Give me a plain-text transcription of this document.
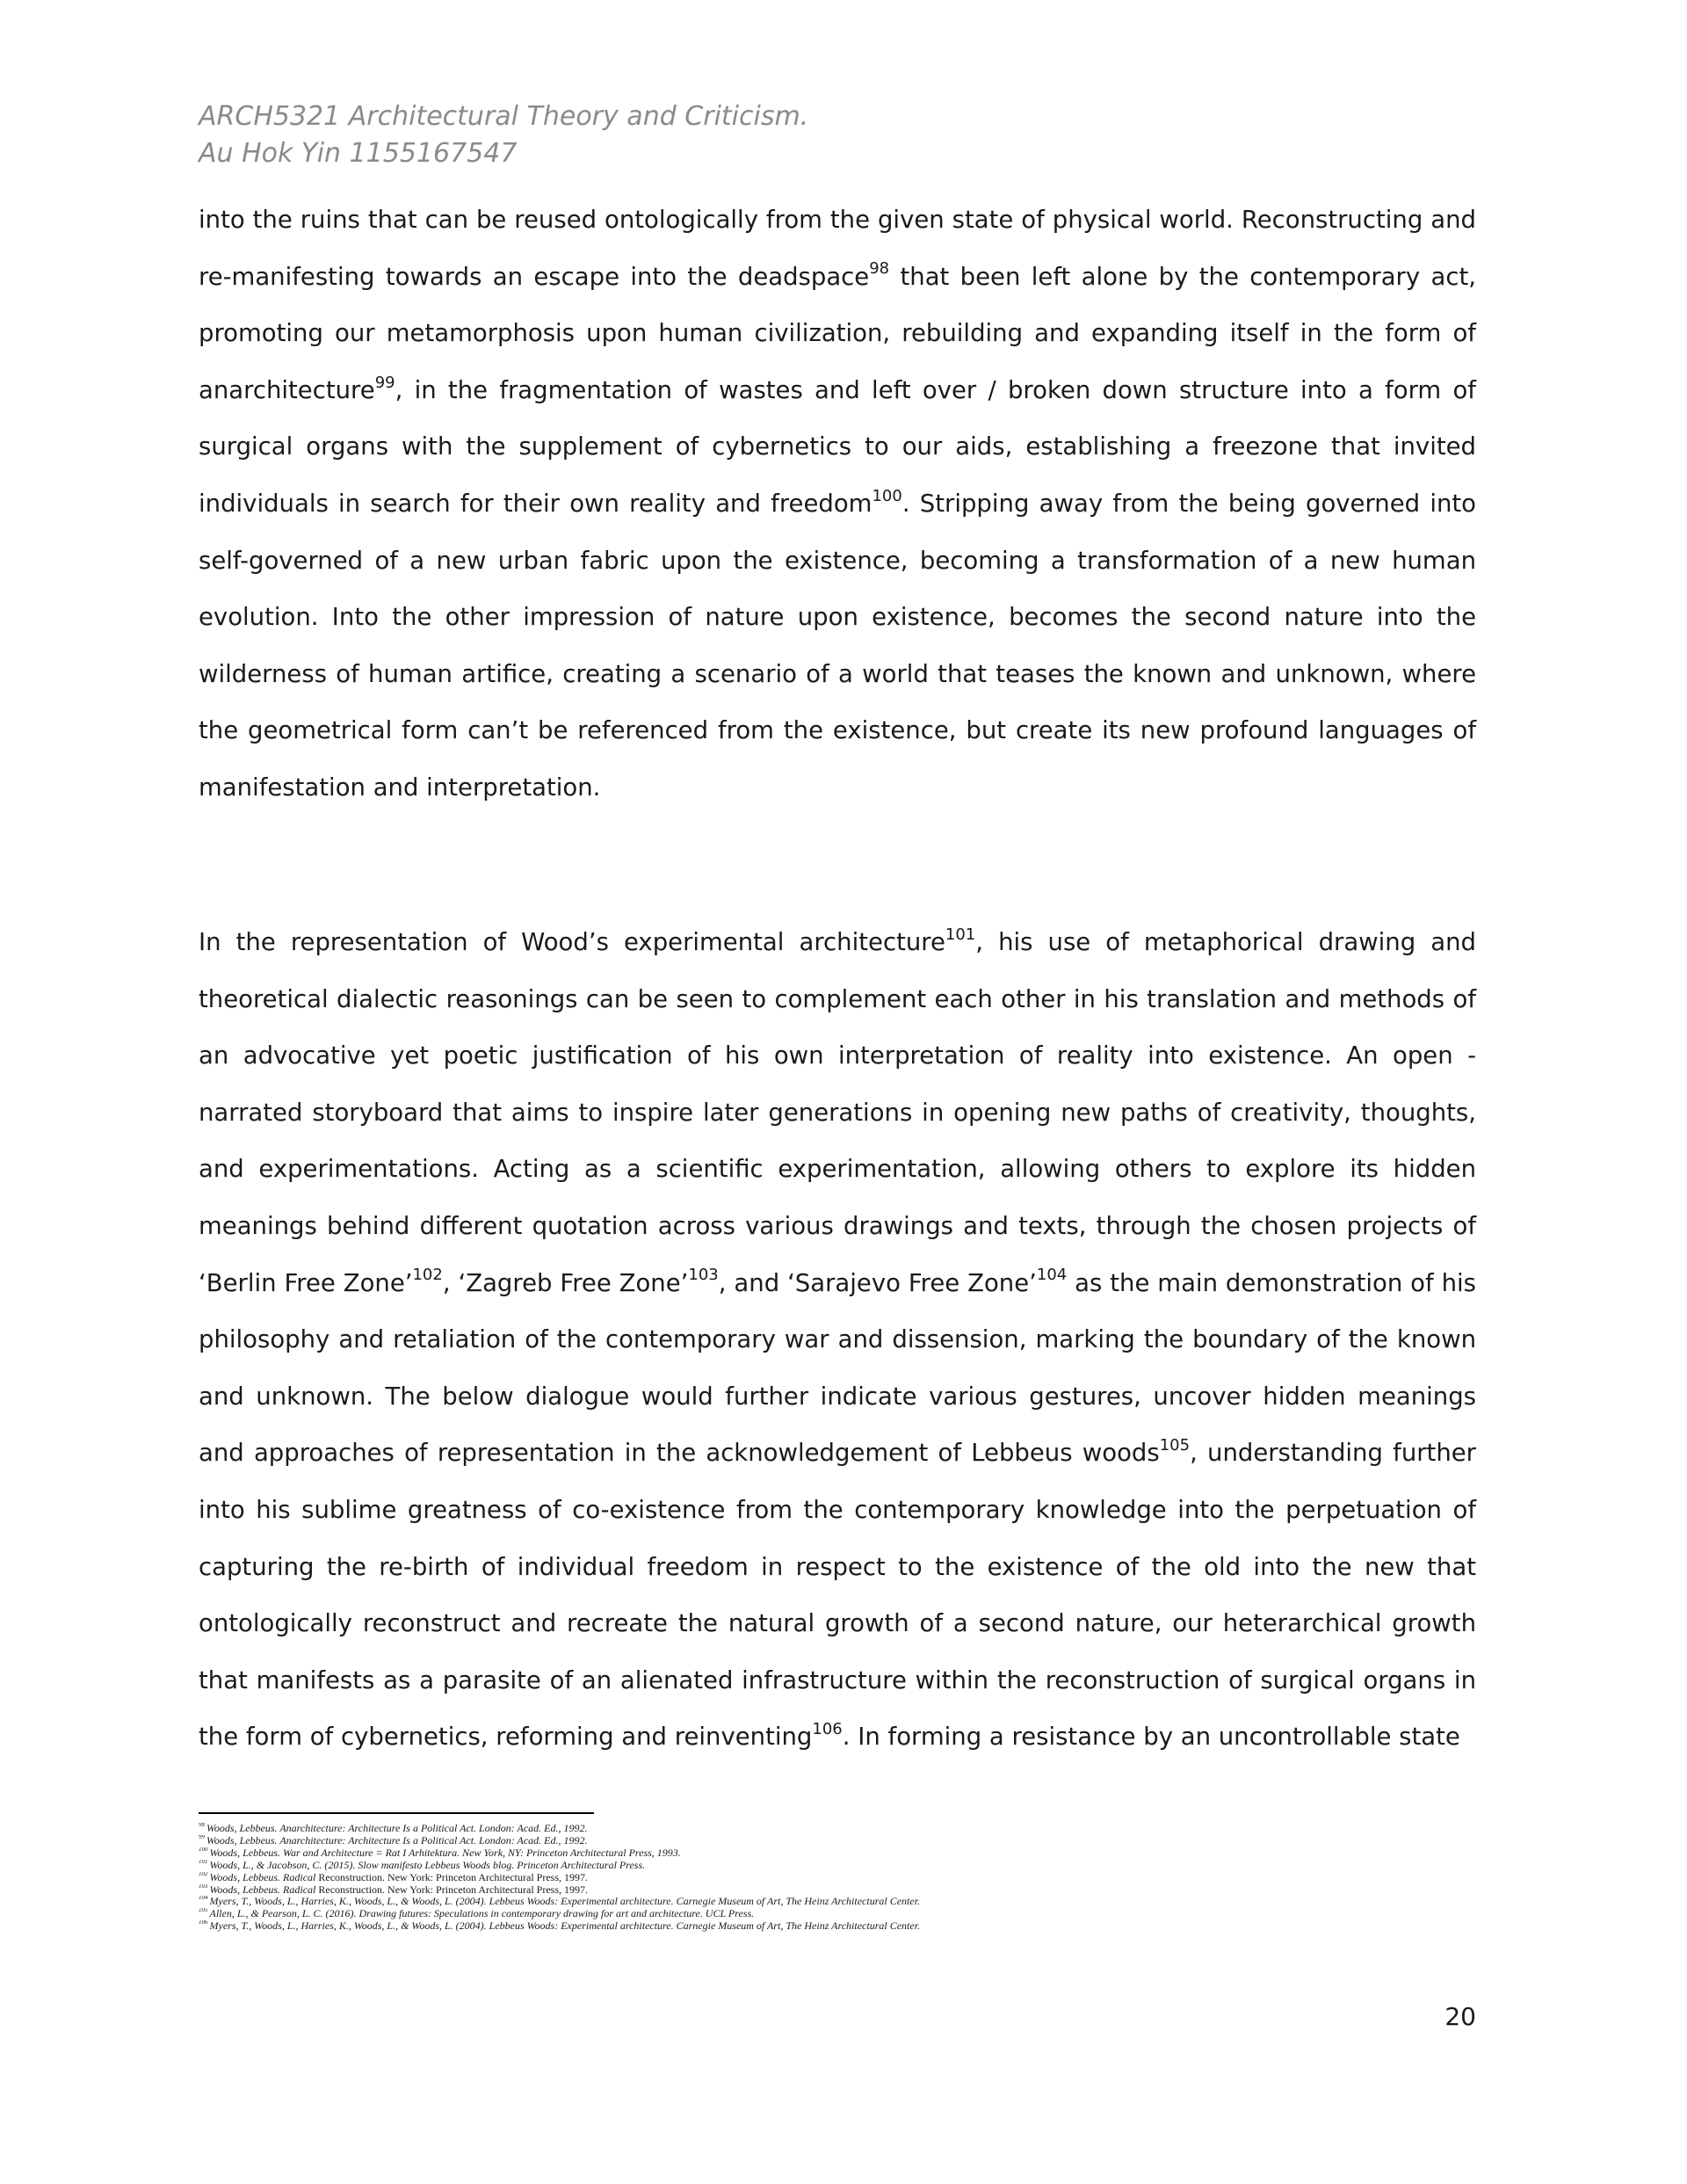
ARCH5321 Architectural Theory and Criticism.
Au Hok Yin 1155167547

into the ruins that can be reused ontologically from the given state of physical world. Reconstructing and re-manifesting towards an escape into the deadspace$^{98}$ that been left alone by the contemporary act, promoting our metamorphosis upon human civilization, rebuilding and expanding itself in the form of anarchitecture$^{99}$, in the fragmentation of wastes and left over / broken down structure into a form of surgical organs with the supplement of cybernetics to our aids, establishing a freezone that invited individuals in search for their own reality and freedom$^{100}$. Stripping away from the being governed into self-governed of a new urban fabric upon the existence, becoming a transformation of a new human evolution. Into the other impression of nature upon existence, becomes the second nature into the wilderness of human artifice, creating a scenario of a world that teases the known and unknown, where the geometrical form can’t be referenced from the existence, but create its new profound languages of manifestation and interpretation.

In the representation of Wood’s experimental architecture$^{101}$, his use of metaphorical drawing and theoretical dialectic reasonings can be seen to complement each other in his translation and methods of an advocative yet poetic justification of his own interpretation of reality into existence. An open - narrated storyboard that aims to inspire later generations in opening new paths of creativity, thoughts, and experimentations. Acting as a scientific experimentation, allowing others to explore its hidden meanings behind different quotation across various drawings and texts, through the chosen projects of ‘Berlin Free Zone’$^{102}$, ‘Zagreb Free Zone’$^{103}$, and ‘Sarajevo Free Zone’$^{104}$ as the main demonstration of his philosophy and retaliation of the contemporary war and dissension, marking the boundary of the known and unknown. The below dialogue would further indicate various gestures, uncover hidden meanings and approaches of representation in the acknowledgement of Lebbeus woods$^{105}$, understanding further into his sublime greatness of co-existence from the contemporary knowledge into the perpetuation of capturing the re-birth of individual freedom in respect to the existence of the old into the new that ontologically reconstruct and recreate the natural growth of a second nature, our heterarchical growth that manifests as a parasite of an alienated infrastructure within the reconstruction of surgical organs in the form of cybernetics, reforming and reinventing$^{106}$. In forming a resistance by an uncontrollable state

$^{98}$ Woods, Lebbeus. Anarchitecture: Architecture Is a Political Act. London: Acad. Ed., 1992.
$^{99}$ Woods, Lebbeus. Anarchitecture: Architecture Is a Political Act. London: Acad. Ed., 1992.
$^{100}$ Woods, Lebbeus. War and Architecture = Rat I Arhitektura. New York, NY: Princeton Architectural Press, 1993.
$^{101}$ Woods, L., & Jacobson, C. (2015). Slow manifesto Lebbeus Woods blog. Princeton Architectural Press.
$^{102}$ Woods, Lebbeus. Radical Reconstruction. New York: Princeton Architectural Press, 1997.
$^{103}$ Woods, Lebbeus. Radical Reconstruction. New York: Princeton Architectural Press, 1997.
$^{104}$ Myers, T., Woods, L., Harries, K., Woods, L., & Woods, L. (2004). Lebbeus Woods: Experimental architecture. Carnegie Museum of Art, The Heinz Architectural Center.
$^{105}$ Allen, L., & Pearson, L. C. (2016). Drawing futures: Speculations in contemporary drawing for art and architecture. UCL Press.
$^{106}$ Myers, T., Woods, L., Harries, K., Woods, L., & Woods, L. (2004). Lebbeus Woods: Experimental architecture. Carnegie Museum of Art, The Heinz Architectural Center.
20
